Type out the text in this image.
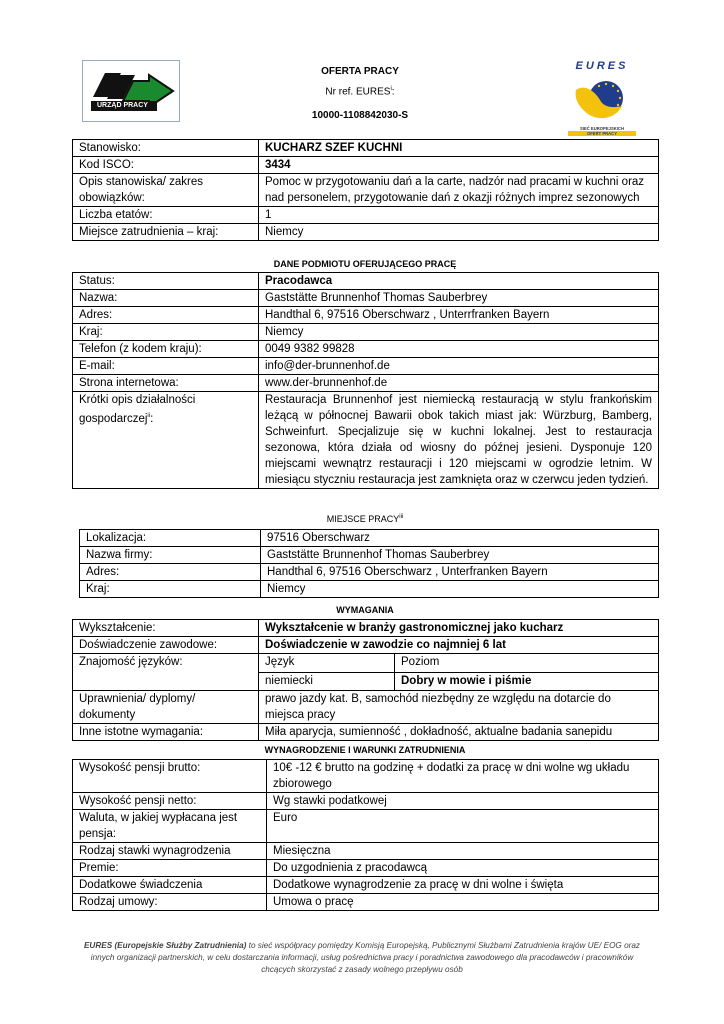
URZĄD PRACY
OFERTA PRACY
Nr ref. EURES$^i$:
10000-1108842030-S
EURES
SIEĆ EUROPEJSKICH
OFERT PRACY
Stanowisko:	KUCHARZ SZEF KUCHNI
Kod ISCO:	3434
Opis stanowiska/ zakres obowiązków:	Pomoc w przygotowaniu dań a la carte, nadzór nad pracami w kuchni oraz nad personelem, przygotowanie dań z okazji różnych imprez sezonowych
Liczba etatów:	1
Miejsce zatrudnienia – kraj:	Niemcy
DANE PODMIOTU OFERUJĄCEGO PRACĘ
Status:	Pracodawca
Nazwa:	Gaststätte Brunnenhof Thomas Sauberbrey
Adres:	Handthal 6, 97516 Oberschwarz , Unterrfranken Bayern
Kraj:	Niemcy
Telefon (z kodem kraju):	0049 9382 99828
E-mail:	info@der-brunnenhof.de
Strona internetowa:	www.der-brunnenhof.de
Krótki opis działalności gospodarczej$^{ii}$:	Restauracja Brunnenhof jest niemiecką restauracją w stylu frankońskim leżącą w północnej Bawarii obok takich miast jak: Würzburg, Bamberg, Schweinfurt. Specjalizuje się w kuchni lokalnej. Jest to restauracja sezonowa, która działa od wiosny do późnej jesieni. Dysponuje 120 miejscami wewnątrz restauracji i 120 miejscami w ogrodzie letnim. W miesiącu styczniu restauracja jest zamknięta oraz w czerwcu jeden tydzień.
MIEJSCE PRACY$^{iii}$
Lokalizacja:	97516 Oberschwarz
Nazwa firmy:	Gaststätte Brunnenhof Thomas Sauberbrey
Adres:	Handthal 6, 97516 Oberschwarz , Unterfranken Bayern
Kraj:	Niemcy
WYMAGANIA
Wykształcenie:	Wykształcenie w branży gastronomicznej jako kucharz	
Doświadczenie zawodowe:	Doświadczenie w zawodzie co najmniej 6 lat	
Znajomość języków:	Język	Poziom
	niemiecki	Dobry w mowie i piśmie
Uprawnienia/ dyplomy/ dokumenty	prawo jazdy kat. B, samochód niezbędny ze względu na dotarcie do miejsca pracy	
Inne istotne wymagania:	Miła aparycja, sumienność , dokładność, aktualne badania sanepidu	
WYNAGRODZENIE I WARUNKI ZATRUDNIENIA
Wysokość pensji brutto:	10€ -12 € brutto na godzinę + dodatki za pracę w dni wolne wg układu zbiorowego
Wysokość pensji netto:	Wg stawki podatkowej
Waluta, w jakiej wypłacana jest pensja:	Euro
Rodzaj stawki wynagrodzenia	Miesięczna
Premie:	Do uzgodnienia z pracodawcą
Dodatkowe świadczenia	Dodatkowe wynagrodzenie za pracę w dni wolne i święta
Rodzaj umowy:	Umowa o pracę
EURES (Europejskie Służby Zatrudnienia) to sieć współpracy pomiędzy Komisją Europejską, Publicznymi Służbami Zatrudnienia krajów UE/ EOG oraz innych organizacji partnerskich, w celu dostarczania informacji, usług pośrednictwa pracy i poradnictwa zawodowego dla pracodawców i pracowników chcących skorzystać z zasady wolnego przepływu osób
